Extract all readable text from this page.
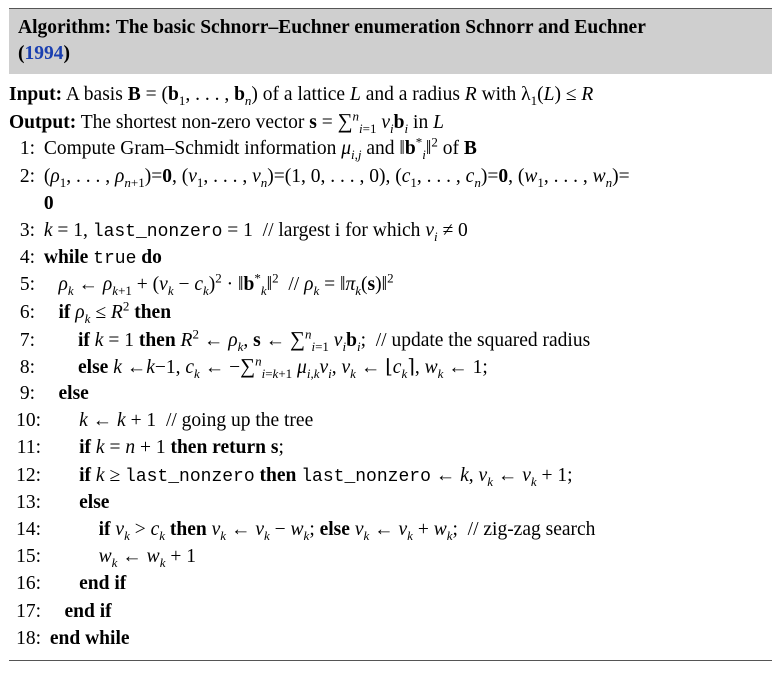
Algorithm: The basic Schnorr–Euchner enumeration Schnorr and Euchner
(1994)
Input: A basis $B = (b_1$, . . . , $b_n$) of a lattice L and a radius R with $\lambda_1(L) \le R$
Output: The shortest non-zero vector s = ∑$^n_{i=1}$ $v_ib_i$ in L
1: Compute Gram–Schmidt information $\mu_{i,j}$ and $‖b^*_i‖^2$ of B
2: ($\rho_1$, . . . , $\rho_{n+1})=0$, ($v_1$, . . . , $v_n)=(1$, 0, . . . , 0), ($c_1$, . . . , $c_n)=0$, ($w_1$, . . . , $w_n)=$
0
3: k = 1, last_nonzero = 1  // largest i for which $v_i \ne 0$
4: while true do
5: $\rho_k$ ← $\rho_{k+1} + (v_k - c_k)^2$ · $‖b^*_k‖^2 // \rho_k$ = $‖\pi_k(s)‖^2$
6: if $\rho_k \le R^2$ then
7: if k = 1 then $R^2$ ← $\rho_k$, s ← ∑$^n_{i=1}$ $v_ib_i$;  // update the squared radius
8: else k ←k−1, $c_k$ ← −∑$^n_{i=k+1}$ $\mu_{i,k}v_i$, $v_k$ ← $⌊c_k⌉$, $w_k$ ← 1;
9: else
10: k ← k + 1  // going up the tree
11: if k = n + 1 then return s;
12: if k ≥ last_nonzero then last_nonzero ← k, $v_k$ ← $v_k + 1$;
13: else
14:	if $v_k > c_k$ then $v_k$ ← $v_k - w_k$; else $v_k$ ← $v_k + w_k$;  // zig-zag search
15:	$w_k$ ← $w_k + 1$
16: end if
17: end if
18: end while
